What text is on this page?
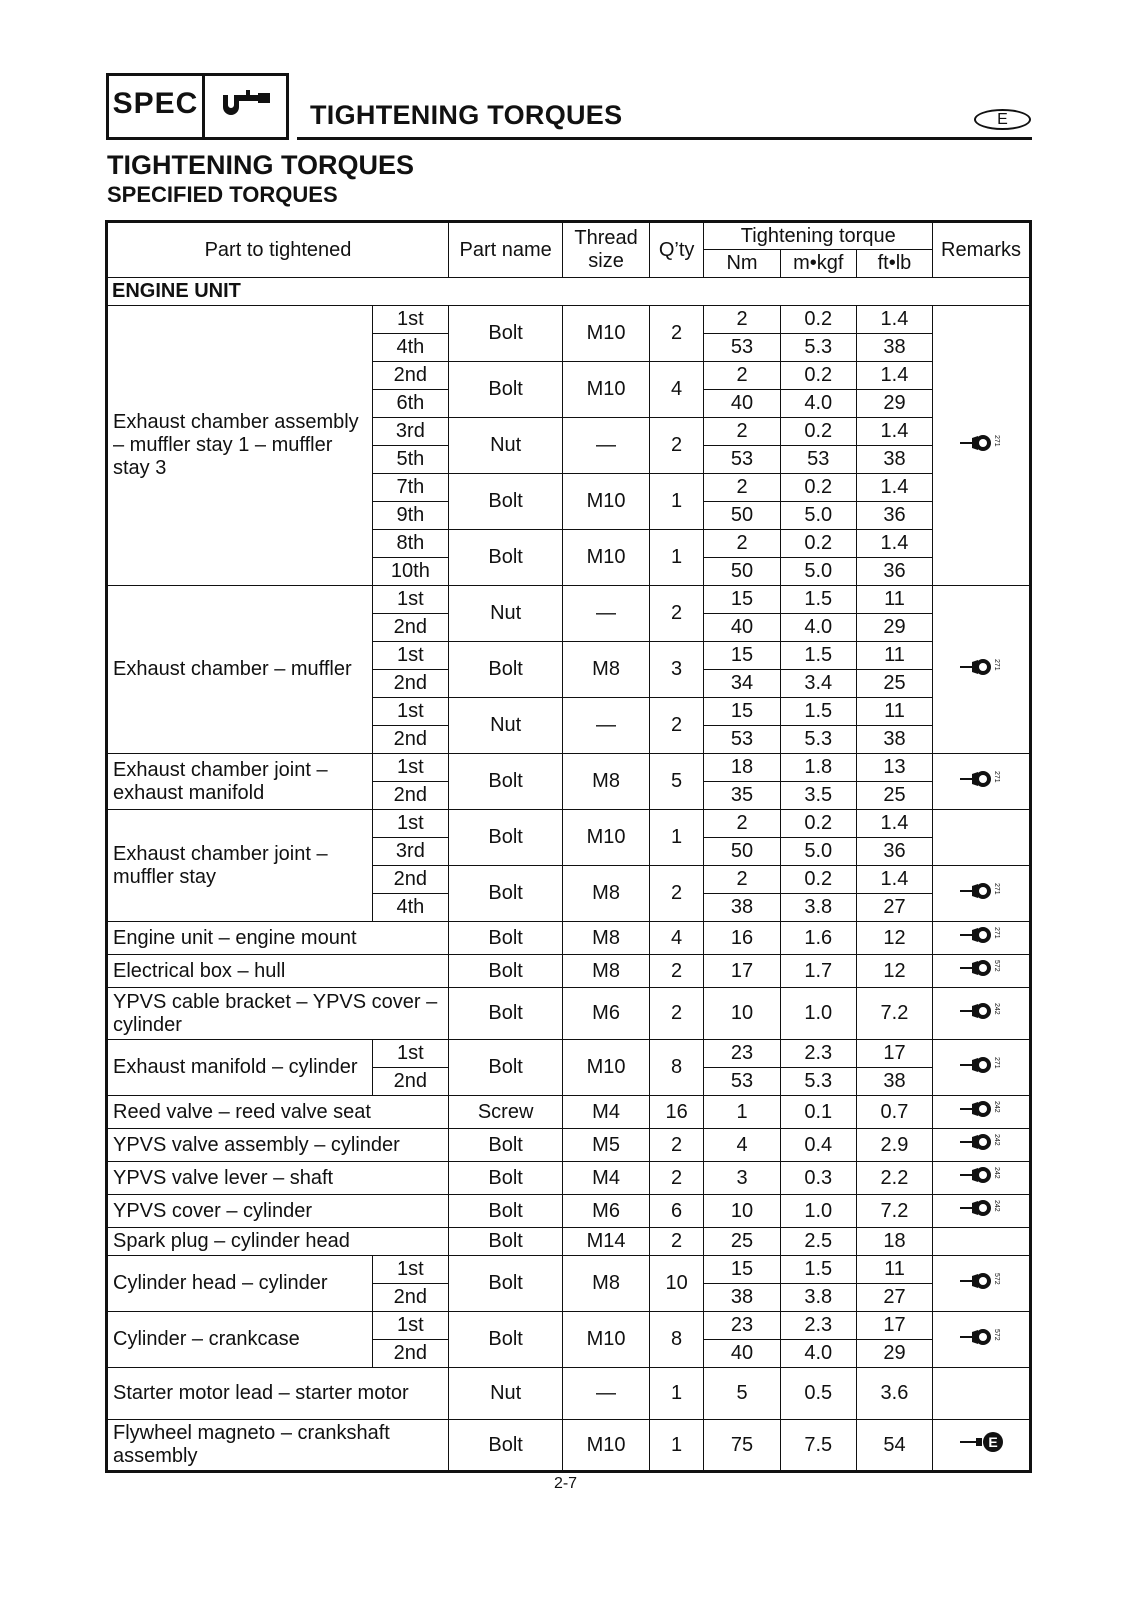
SPEC	TIGHTENING TORQUES	E
TIGHTENING TORQUES
SPECIFIED TORQUES
Part to tightened		Part name	Thread size	Q’ty	Tightening torque			Remarks
					Nm	m•kgf	ft•lb	
ENGINE UNIT								
Exhaust chamber assembly – muffler stay 1 – muffler stay 3	1st	Bolt	M10	2	2	0.2	1.4	271

	4th				53	5.3	38	
	2nd	Bolt	M10	4	2	0.2	1.4	
	6th				40	4.0	29	
	3rd	Nut	—	2	2	0.2	1.4	
	5th				53	53	38	
	7th	Bolt	M10	1	2	0.2	1.4	
	9th				50	5.0	36	
	8th	Bolt	M10	1	2	0.2	1.4	
	10th				50	5.0	36	
Exhaust chamber – muffler	1st	Nut	—	2	15	1.5	11	271

	2nd				40	4.0	29	
	1st	Bolt	M8	3	15	1.5	11	
	2nd				34	3.4	25	
	1st	Nut	—	2	15	1.5	11	
	2nd				53	5.3	38	
Exhaust chamber joint – exhaust manifold	1st	Bolt	M8	5	18	1.8	13	271

	2nd				35	3.5	25	
Exhaust chamber joint – muffler stay	1st	Bolt	M10	1	2	0.2	1.4	
	3rd				50	5.0	36	
	2nd	Bolt	M8	2	2	0.2	1.4	271

	4th				38	3.8	27	
Engine unit – engine mount		Bolt	M8	4	16	1.6	12	271

Electrical box – hull		Bolt	M8	2	17	1.7	12	572

YPVS cable bracket – YPVS cover – cylinder		Bolt	M6	2	10	1.0	7.2	242

Exhaust manifold – cylinder	1st	Bolt	M10	8	23	2.3	17	271

	2nd				53	5.3	38	
Reed valve – reed valve seat		Screw	M4	16	1	0.1	0.7	242

YPVS valve assembly – cylinder		Bolt	M5	2	4	0.4	2.9	242

YPVS valve lever – shaft		Bolt	M4	2	3	0.3	2.2	242

YPVS cover – cylinder		Bolt	M6	6	10	1.0	7.2	242

Spark plug – cylinder head		Bolt	M14	2	25	2.5	18	
Cylinder head – cylinder	1st	Bolt	M8	10	15	1.5	11	572

	2nd				38	3.8	27	
Cylinder – crankcase	1st	Bolt	M10	8	23	2.3	17	572

	2nd				40	4.0	29	
Starter motor lead – starter motor		Nut	—	1	5	0.5	3.6	
Flywheel magneto – crankshaft assembly		Bolt	M10	1	75	7.5	54	E
2-7
